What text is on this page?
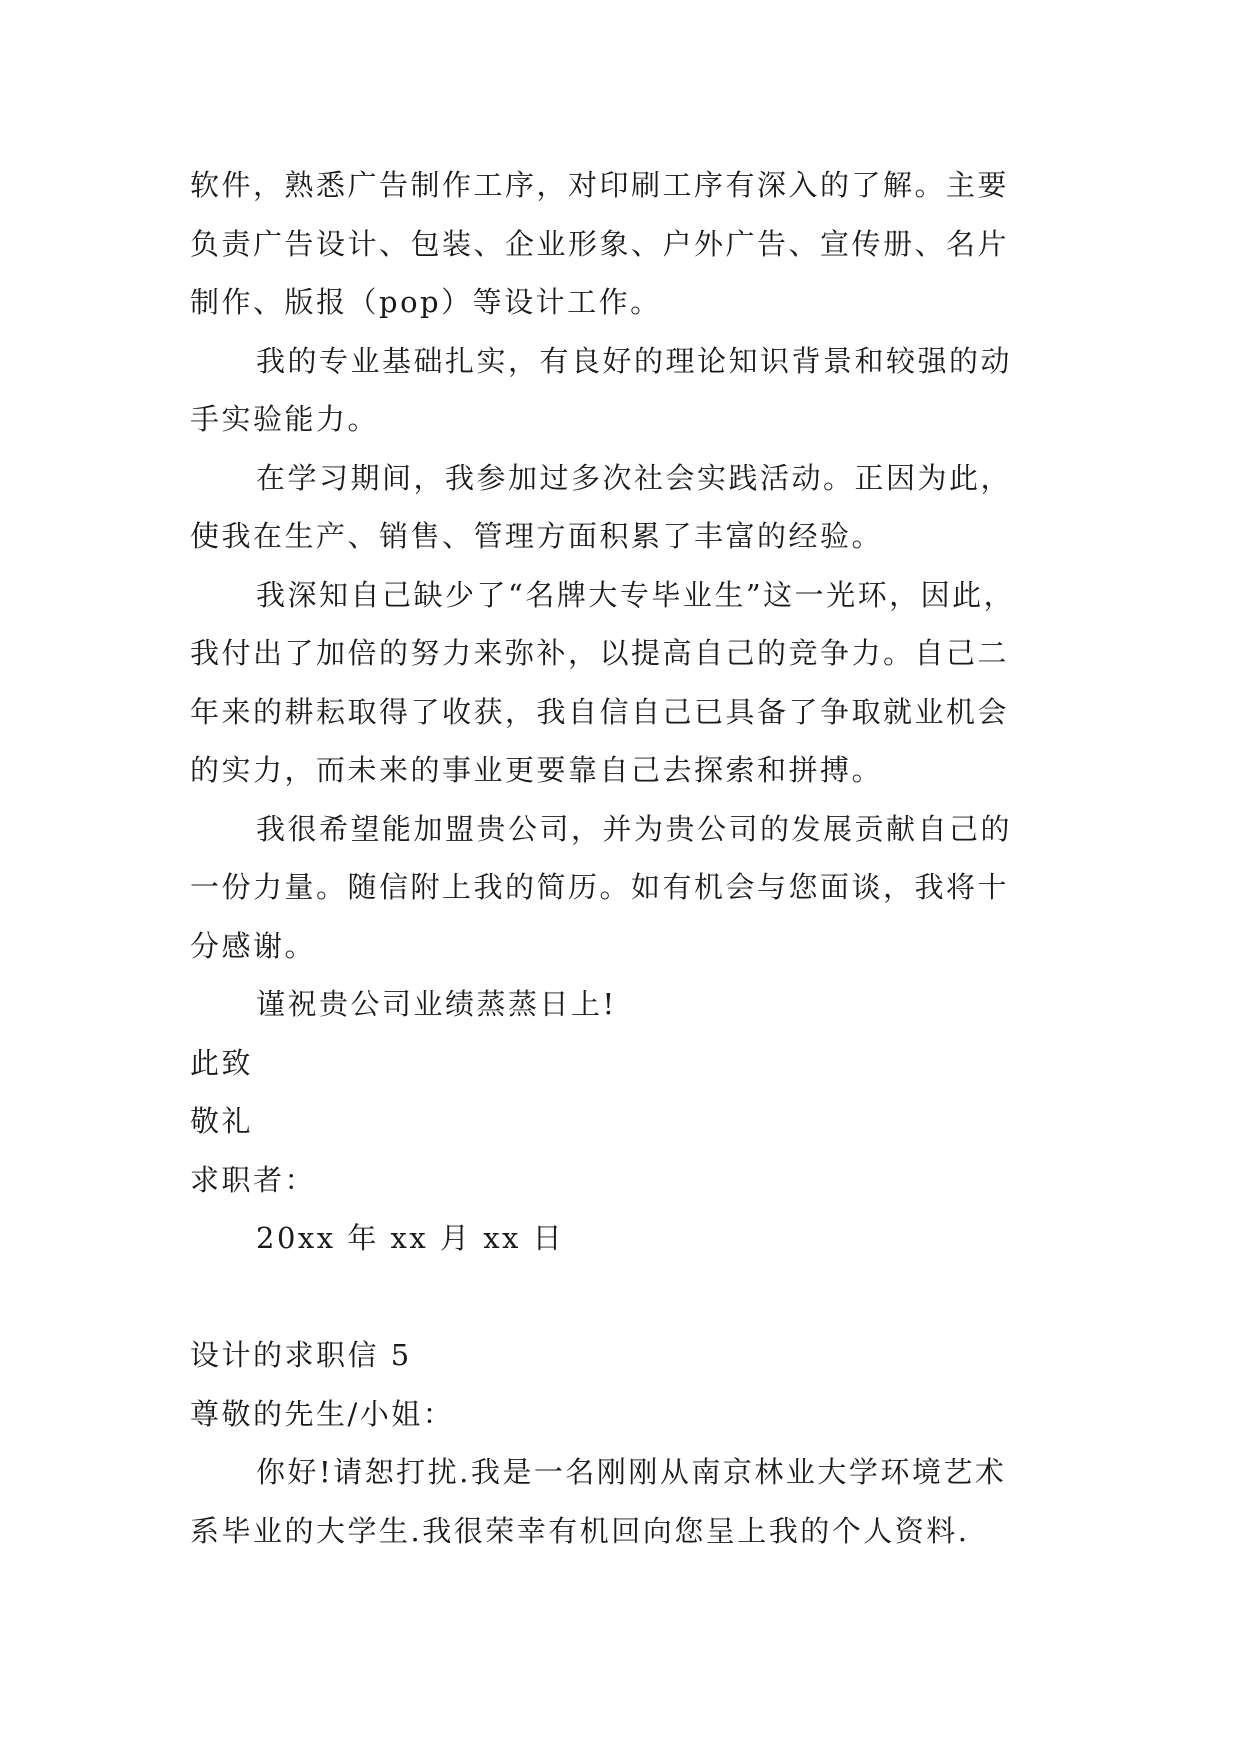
软件，熟悉广告制作工序，对印刷工序有深入的了解。主要
负责广告设计、包装、企业形象、户外广告、宣传册、名片
制作、版报（pop）等设计工作。
我的专业基础扎实，有良好的理论知识背景和较强的动
手实验能力。
在学习期间，我参加过多次社会实践活动。正因为此，
使我在生产、销售、管理方面积累了丰富的经验。
我深知自己缺少了“名牌大专毕业生”这一光环，因此，
我付出了加倍的努力来弥补，以提高自己的竞争力。自己二
年来的耕耘取得了收获，我自信自己已具备了争取就业机会
的实力，而未来的事业更要靠自己去探索和拼搏。
我很希望能加盟贵公司，并为贵公司的发展贡献自己的
一份力量。随信附上我的简历。如有机会与您面谈，我将十
分感谢。
谨祝贵公司业绩蒸蒸日上!
此致
敬礼
求职者：
20xx 年 xx 月 xx 日
设计的求职信 5
尊敬的先生/小姐：
你好!请恕打扰.我是一名刚刚从南京林业大学环境艺术
系毕业的大学生.我很荣幸有机回向您呈上我的个人资料.
